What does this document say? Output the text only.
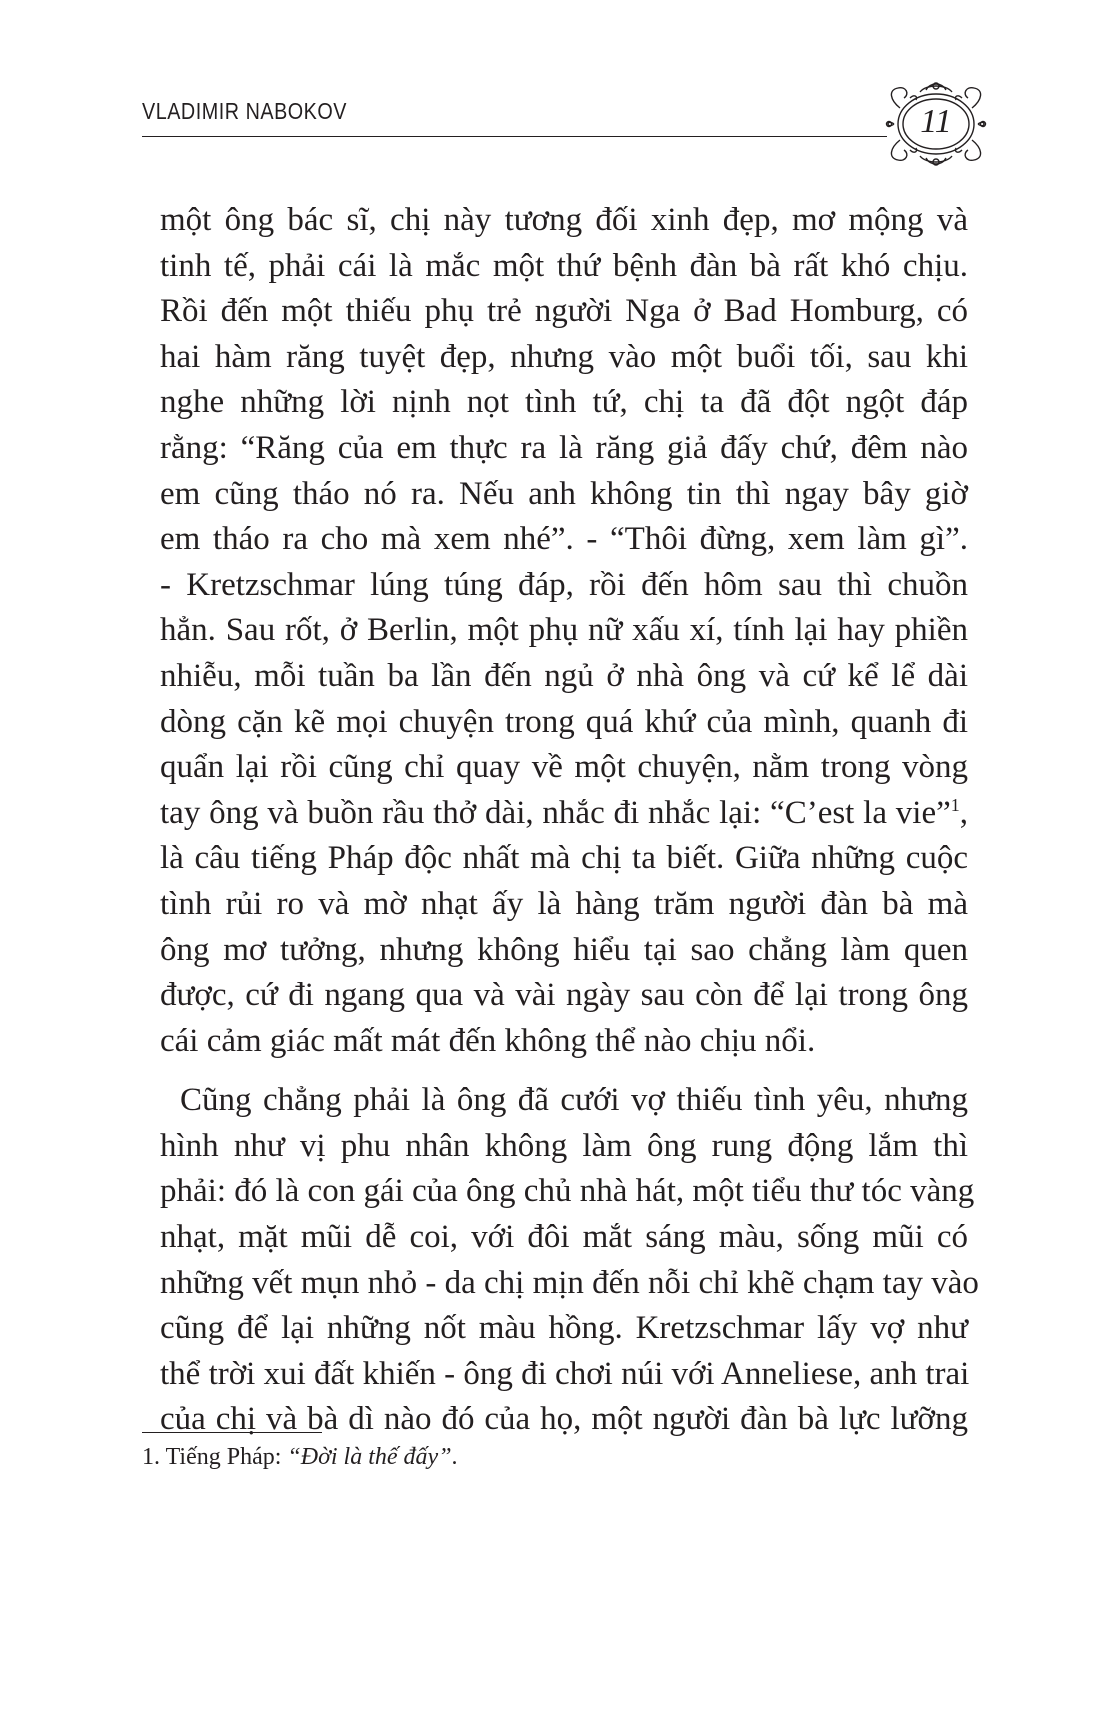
VLADIMIR NABOKOV	11
một ông bác sĩ, chị này tương đối xinh đẹp, mơ mộng và
tinh tế, phải cái là mắc một thứ bệnh đàn bà rất khó chịu.
Rồi đến một thiếu phụ trẻ người Nga ở Bad Homburg, có
hai hàm răng tuyệt đẹp, nhưng vào một buổi tối, sau khi
nghe những lời nịnh nọt tình tứ, chị ta đã đột ngột đáp
rằng: “Răng của em thực ra là răng giả đấy chứ, đêm nào
em cũng tháo nó ra. Nếu anh không tin thì ngay bây giờ
em tháo ra cho mà xem nhé”. - “Thôi đừng, xem làm gì”.
- Kretzschmar lúng túng đáp, rồi đến hôm sau thì chuồn
hẳn. Sau rốt, ở Berlin, một phụ nữ xấu xí, tính lại hay phiền
nhiễu, mỗi tuần ba lần đến ngủ ở nhà ông và cứ kể lể dài
dòng cặn kẽ mọi chuyện trong quá khứ của mình, quanh đi
quẩn lại rồi cũng chỉ quay về một chuyện, nằm trong vòng
tay ông và buồn rầu thở dài, nhắc đi nhắc lại: “C’est la vie”$^1$,
là câu tiếng Pháp độc nhất mà chị ta biết. Giữa những cuộc
tình rủi ro và mờ nhạt ấy là hàng trăm người đàn bà mà
ông mơ tưởng, nhưng không hiểu tại sao chẳng làm quen
được, cứ đi ngang qua và vài ngày sau còn để lại trong ông
cái cảm giác mất mát đến không thể nào chịu nổi.
Cũng chẳng phải là ông đã cưới vợ thiếu tình yêu, nhưng
hình như vị phu nhân không làm ông rung động lắm thì
phải: đó là con gái của ông chủ nhà hát, một tiểu thư tóc vàng
nhạt, mặt mũi dễ coi, với đôi mắt sáng màu, sống mũi có
những vết mụn nhỏ - da chị mịn đến nỗi chỉ khẽ chạm tay vào
cũng để lại những nốt màu hồng. Kretzschmar lấy vợ như
thể trời xui đất khiến - ông đi chơi núi với Anneliese, anh trai
của chị và bà dì nào đó của họ, một người đàn bà lực lưỡng
1. Tiếng Pháp: “Đời là thế đấy”.
